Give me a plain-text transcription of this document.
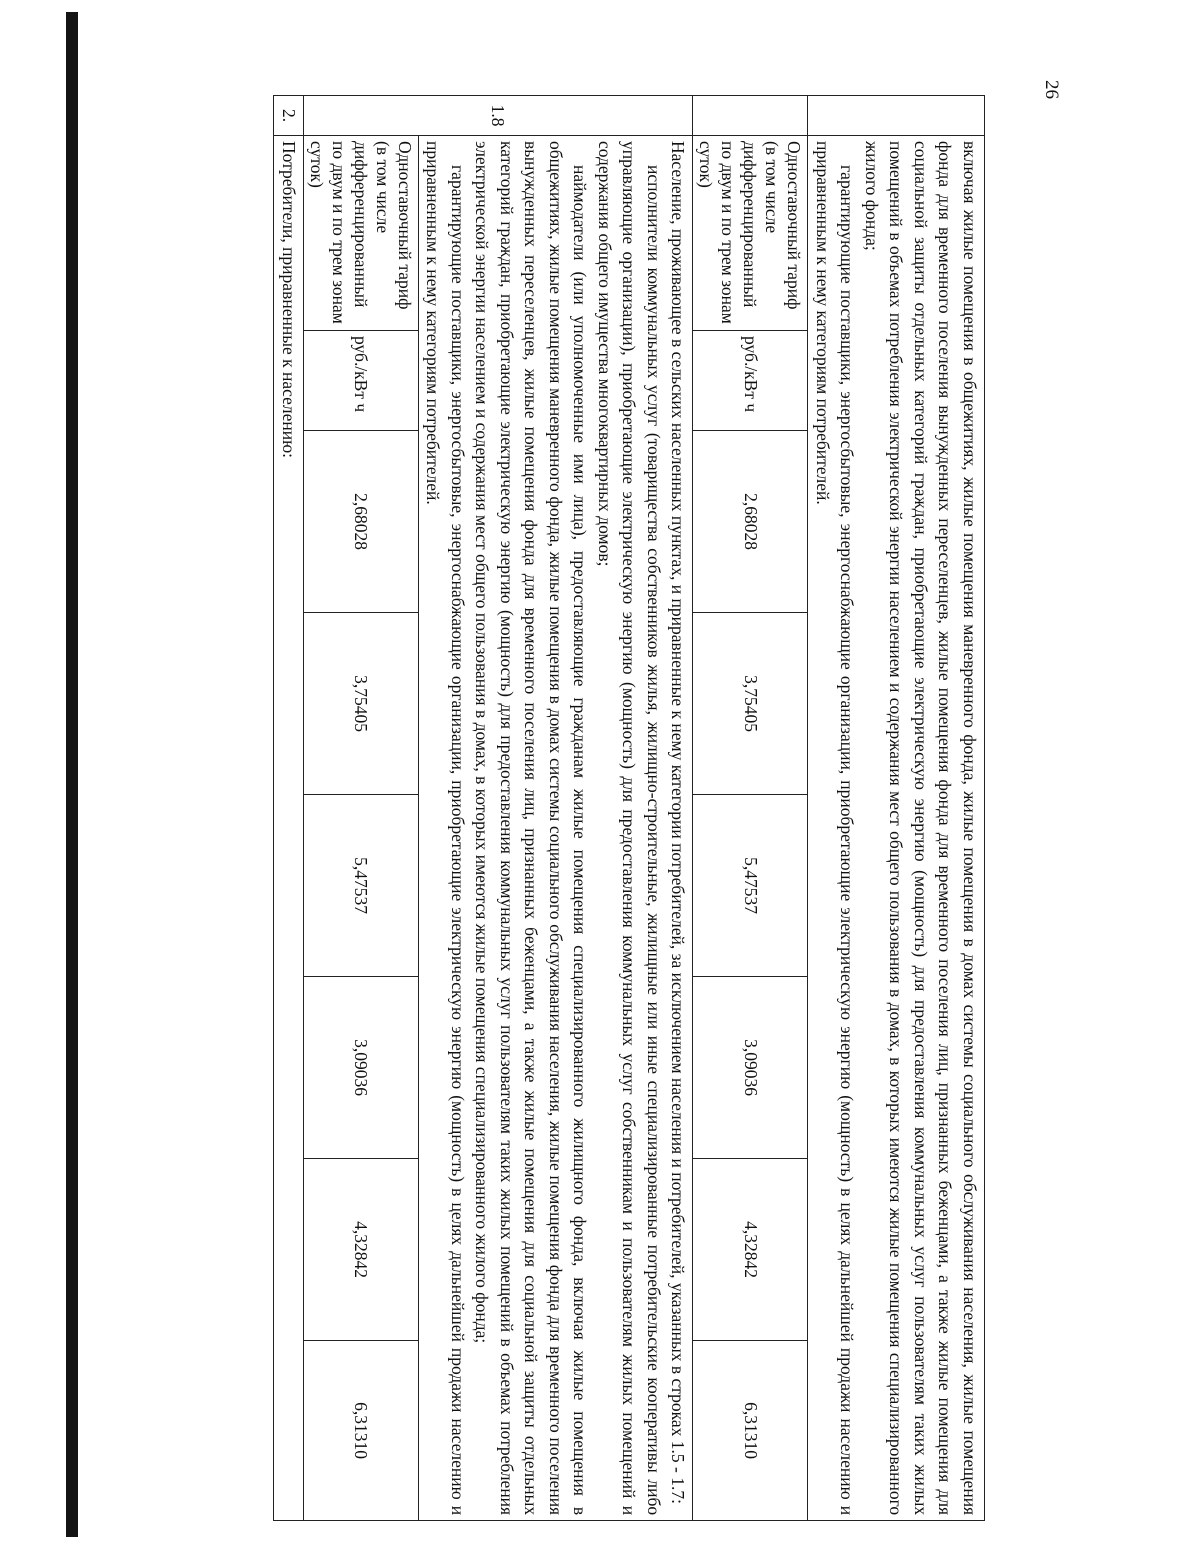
26

	включая жилые помещения в общежитиях, жилые помещения маневренного фонда, жилые помещения в домах системы социального обслуживания населения, жилые помещения фонда для временного поселения вынужденных переселенцев, жилые помещения фонда для временного поселения лиц, признанных беженцами, а также жилые помещения для социальной защиты отдельных категорий граждан, приобретающие электрическую энергию (мощность) для предоставления коммунальных услуг пользователям таких жилых помещений в объемах потребления электрической энергии населением и содержания мест общего пользования в домах, в которых имеются жилые помещения специализированного жилого фонда;

гарантирующие поставщики, энергосбытовые, энергоснабжающие организации, приобретающие электрическую энергию (мощность) в целях дальнейшей продажи населению и приравненным к нему категориям потребителей.							

	Одноставочный тариф (в том числе дифференцированный по двум и по трем зонам суток)	руб./кВт ч	2,68028	3,75405	5,47537	3,09036	4,32842	6,31310
1.8	Население, проживающее в сельских населенных пунктах, и приравненные к нему категории потребителей, за исключением населения и потребителей, указанных в строках 1.5 - 1.7:

исполнители коммунальных услуг (товарищества собственников жилья, жилищно-строительные, жилищные или иные специализированные потребительские кооперативы либо управляющие организации), приобретающие электрическую энергию (мощность) для предоставления коммунальных услуг собственникам и пользователям жилых помещений и содержания общего имущества многоквартирных домов;

наймодатели (или уполномоченные ими лица), предоставляющие гражданам жилые помещения специализированного жилищного фонда, включая жилые помещения в общежитиях, жилые помещения маневренного фонда, жилые помещения в домах системы социального обслуживания населения, жилые помещения фонда для временного поселения вынужденных переселенцев, жилые помещения фонда для временного поселения лиц, признанных беженцами, а также жилые помещения для социальной защиты отдельных категорий граждан, приобретающие электрическую энергию (мощность) для предоставления коммунальных услуг пользователям таких жилых помещений в объемах потребления электрической энергии населением и содержания мест общего пользования в домах, в которых имеются жилые помещения специализированного жилого фонда;

гарантирующие поставщики, энергосбытовые, энергоснабжающие организации, приобретающие электрическую энергию (мощность) в целях дальнейшей продажи населению и приравненным к нему категориям потребителей.							

	Одноставочный тариф (в том числе дифференцированный по двум и по трем зонам суток)	руб./кВт ч	2,68028	3,75405	5,47537	3,09036	4,32842	6,31310
2.	Потребители, приравненные к населению:							
